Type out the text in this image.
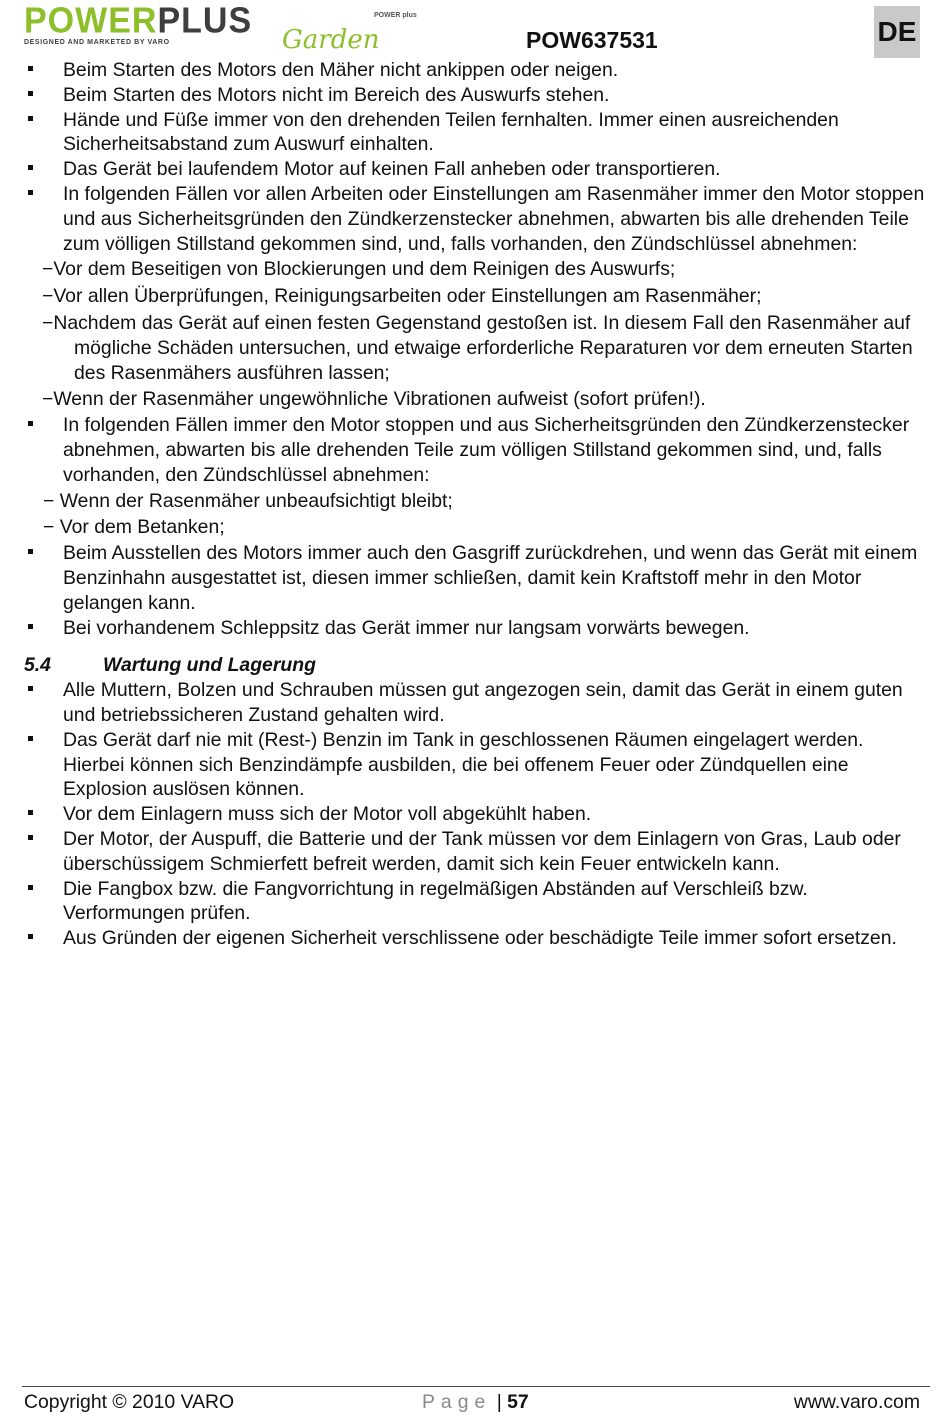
POWERPLUS
DESIGNED AND MARKETED BY VARO	Garden
POWER plus
POW637531	DE
Beim Starten des Motors den Mäher nicht ankippen oder neigen.
Beim Starten des Motors nicht im Bereich des Auswurfs stehen.
Hände und Füße immer von den drehenden Teilen fernhalten. Immer einen ausreichenden Sicherheitsabstand zum Auswurf einhalten.
Das Gerät bei laufendem Motor auf keinen Fall anheben oder transportieren.
In folgenden Fällen vor allen Arbeiten oder Einstellungen am Rasenmäher immer den Motor stoppen und aus Sicherheitsgründen den Zündkerzenstecker abnehmen, abwarten bis alle drehenden Teile zum völligen Stillstand gekommen sind, und, falls vorhanden, den Zündschlüssel abnehmen:
−Vor dem Beseitigen von Blockierungen und dem Reinigen des Auswurfs;
−Vor allen Überprüfungen, Reinigungsarbeiten oder Einstellungen am Rasenmäher;
−Nachdem das Gerät auf einen festen Gegenstand gestoßen ist. In diesem Fall den Rasenmäher auf mögliche Schäden untersuchen, und etwaige erforderliche Reparaturen vor dem erneuten Starten des Rasenmähers ausführen lassen;
−Wenn der Rasenmäher ungewöhnliche Vibrationen aufweist (sofort prüfen!).
In folgenden Fällen immer den Motor stoppen und aus Sicherheitsgründen den Zündkerzenstecker abnehmen, abwarten bis alle drehenden Teile zum völligen Stillstand gekommen sind, und, falls vorhanden, den Zündschlüssel abnehmen:
− Wenn der Rasenmäher unbeaufsichtigt bleibt;
− Vor dem Betanken;
Beim Ausstellen des Motors immer auch den Gasgriff zurückdrehen, und wenn das Gerät mit einem Benzinhahn ausgestattet ist, diesen immer schließen, damit kein Kraftstoff mehr in den Motor gelangen kann.
Bei vorhandenem Schleppsitz das Gerät immer nur langsam vorwärts bewegen.
5.4	Wartung und Lagerung
Alle Muttern, Bolzen und Schrauben müssen gut angezogen sein, damit das Gerät in einem guten und betriebssicheren Zustand gehalten wird.
Das Gerät darf nie mit (Rest-) Benzin im Tank in geschlossenen Räumen eingelagert werden. Hierbei können sich Benzindämpfe ausbilden, die bei offenem Feuer oder Zündquellen eine Explosion auslösen können.
Vor dem Einlagern muss sich der Motor voll abgekühlt haben.
Der Motor, der Auspuff, die Batterie und der Tank müssen vor dem Einlagern von Gras, Laub oder überschüssigem Schmierfett befreit werden, damit sich kein Feuer entwickeln kann.
Die Fangbox bzw. die Fangvorrichtung in regelmäßigen Abständen auf Verschleiß bzw. Verformungen prüfen.
Aus Gründen der eigenen Sicherheit verschlissene oder beschädigte Teile immer sofort ersetzen.
Copyright © 2010 VARO	Page | 57	www.varo.com
